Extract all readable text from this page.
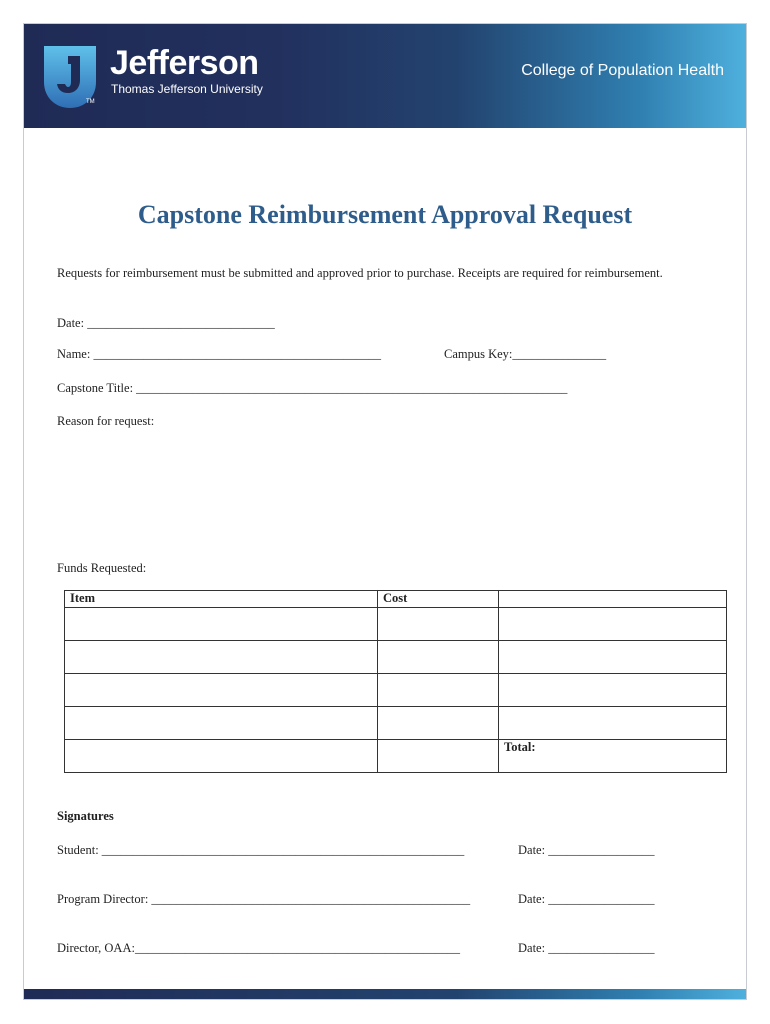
Jefferson
Thomas Jefferson University
TM
College of Population Health
Capstone Reimbursement Approval Request
Requests for reimbursement must be submitted and approved prior to purchase. Receipts are required for reimbursement.
Date: ______________________________
Name: ______________________________________________	Campus Key:_______________
Capstone Title: _____________________________________________________________________
Reason for request:
Funds Requested:
Item	Cost	

		Total:
Signatures
Student: __________________________________________________________	Date: _________________
Program Director: ___________________________________________________	Date: _________________
Director, OAA:____________________________________________________	Date: _________________
